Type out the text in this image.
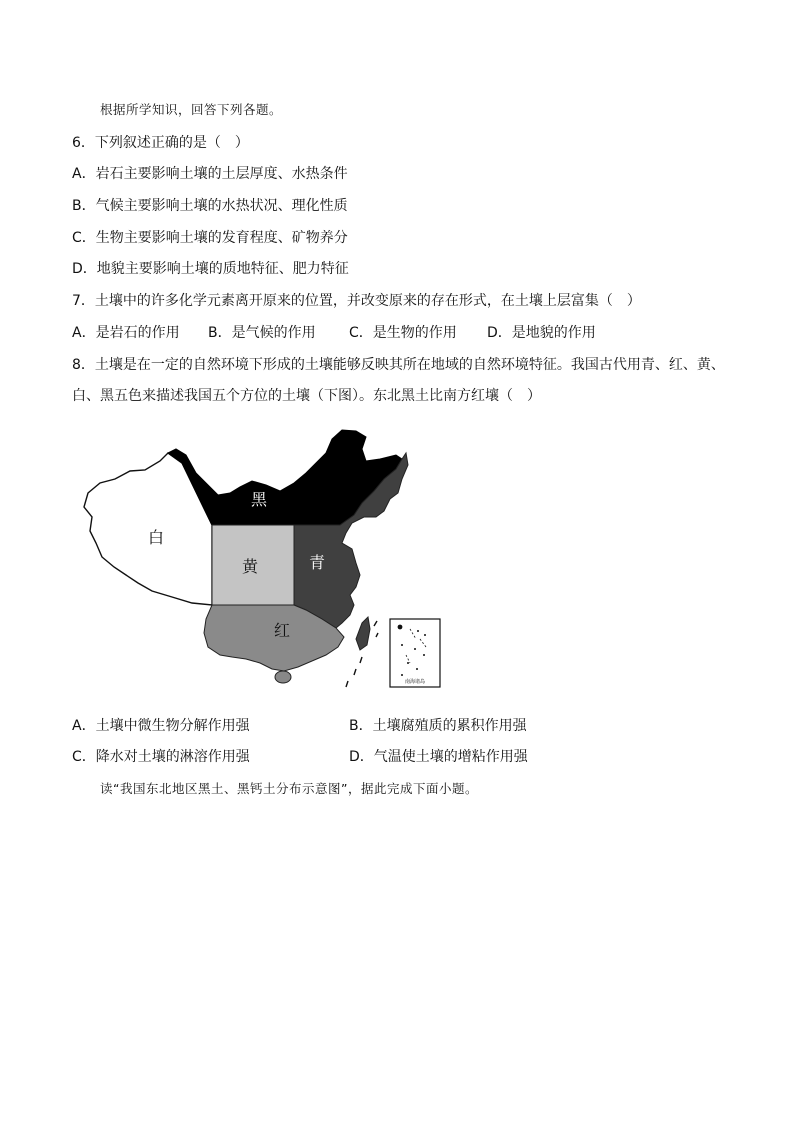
根据所学知识，回答下列各题。
6．下列叙述正确的是（　）
A．岩石主要影响土壤的土层厚度、水热条件
B．气候主要影响土壤的水热状况、理化性质
C．生物主要影响土壤的发育程度、矿物养分
D．地貌主要影响土壤的质地特征、肥力特征
7．土壤中的许多化学元素离开原来的位置，并改变原来的存在形式，在土壤上层富集（　）
A．是岩石的作用 B．是气候的作用 C．是生物的作用 D．是地貌的作用
8．土壤是在一定的自然环境下形成的土壤能够反映其所在地域的自然环境特征。我国古代用青、红、黄、
白、黑五色来描述我国五个方位的土壤（下图）。东北黑土比南方红壤（　）
南海诸岛
黑
白
黄	青
红
A．土壤中微生物分解作用强	B．土壤腐殖质的累积作用强
C．降水对土壤的淋溶作用强	D．气温使土壤的增粘作用强
读“我国东北地区黑土、黑钙土分布示意图”，据此完成下面小题。
